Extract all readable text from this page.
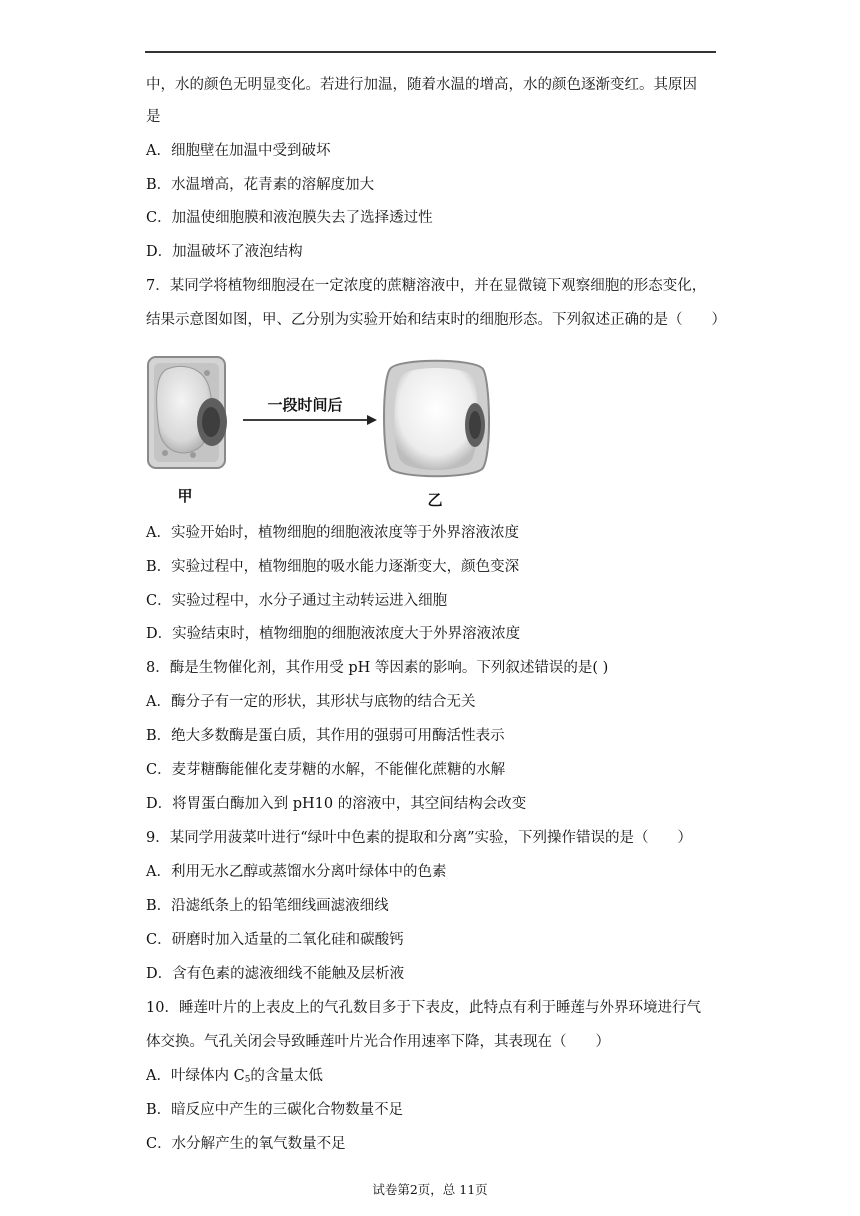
中，水的颜色无明显变化。若进行加温，随着水温的增高，水的颜色逐渐变红。其原因
是
A．细胞壁在加温中受到破坏
B．水温增高，花青素的溶解度加大
C．加温使细胞膜和液泡膜失去了选择透过性
D．加温破坏了液泡结构
7．某同学将植物细胞浸在一定浓度的蔗糖溶液中，并在显微镜下观察细胞的形态变化，
结果示意图如图，甲、乙分别为实验开始和结束时的细胞形态。下列叙述正确的是（　　）
一段时间后
甲	乙
A．实验开始时，植物细胞的细胞液浓度等于外界溶液浓度
B．实验过程中，植物细胞的吸水能力逐渐变大，颜色变深
C．实验过程中，水分子通过主动转运进入细胞
D．实验结束时，植物细胞的细胞液浓度大于外界溶液浓度
8．酶是生物催化剂，其作用受 pH 等因素的影响。下列叙述错误的是( )
A．酶分子有一定的形状，其形状与底物的结合无关
B．绝大多数酶是蛋白质，其作用的强弱可用酶活性表示
C．麦芽糖酶能催化麦芽糖的水解，不能催化蔗糖的水解
D．将胃蛋白酶加入到 pH10 的溶液中，其空间结构会改变
9．某同学用菠菜叶进行“绿叶中色素的提取和分离”实验，下列操作错误的是（　　）
A．利用无水乙醇或蒸馏水分离叶绿体中的色素
B．沿滤纸条上的铅笔细线画滤液细线
C．研磨时加入适量的二氧化硅和碳酸钙
D．含有色素的滤液细线不能触及层析液
10．睡莲叶片的上表皮上的气孔数目多于下表皮，此特点有利于睡莲与外界环境进行气
体交换。气孔关闭会导致睡莲叶片光合作用速率下降，其表现在（　　）
A．叶绿体内 $C_5$的含量太低
B．暗反应中产生的三碳化合物数量不足
C．水分解产生的氧气数量不足
试卷第2页，总 11页
